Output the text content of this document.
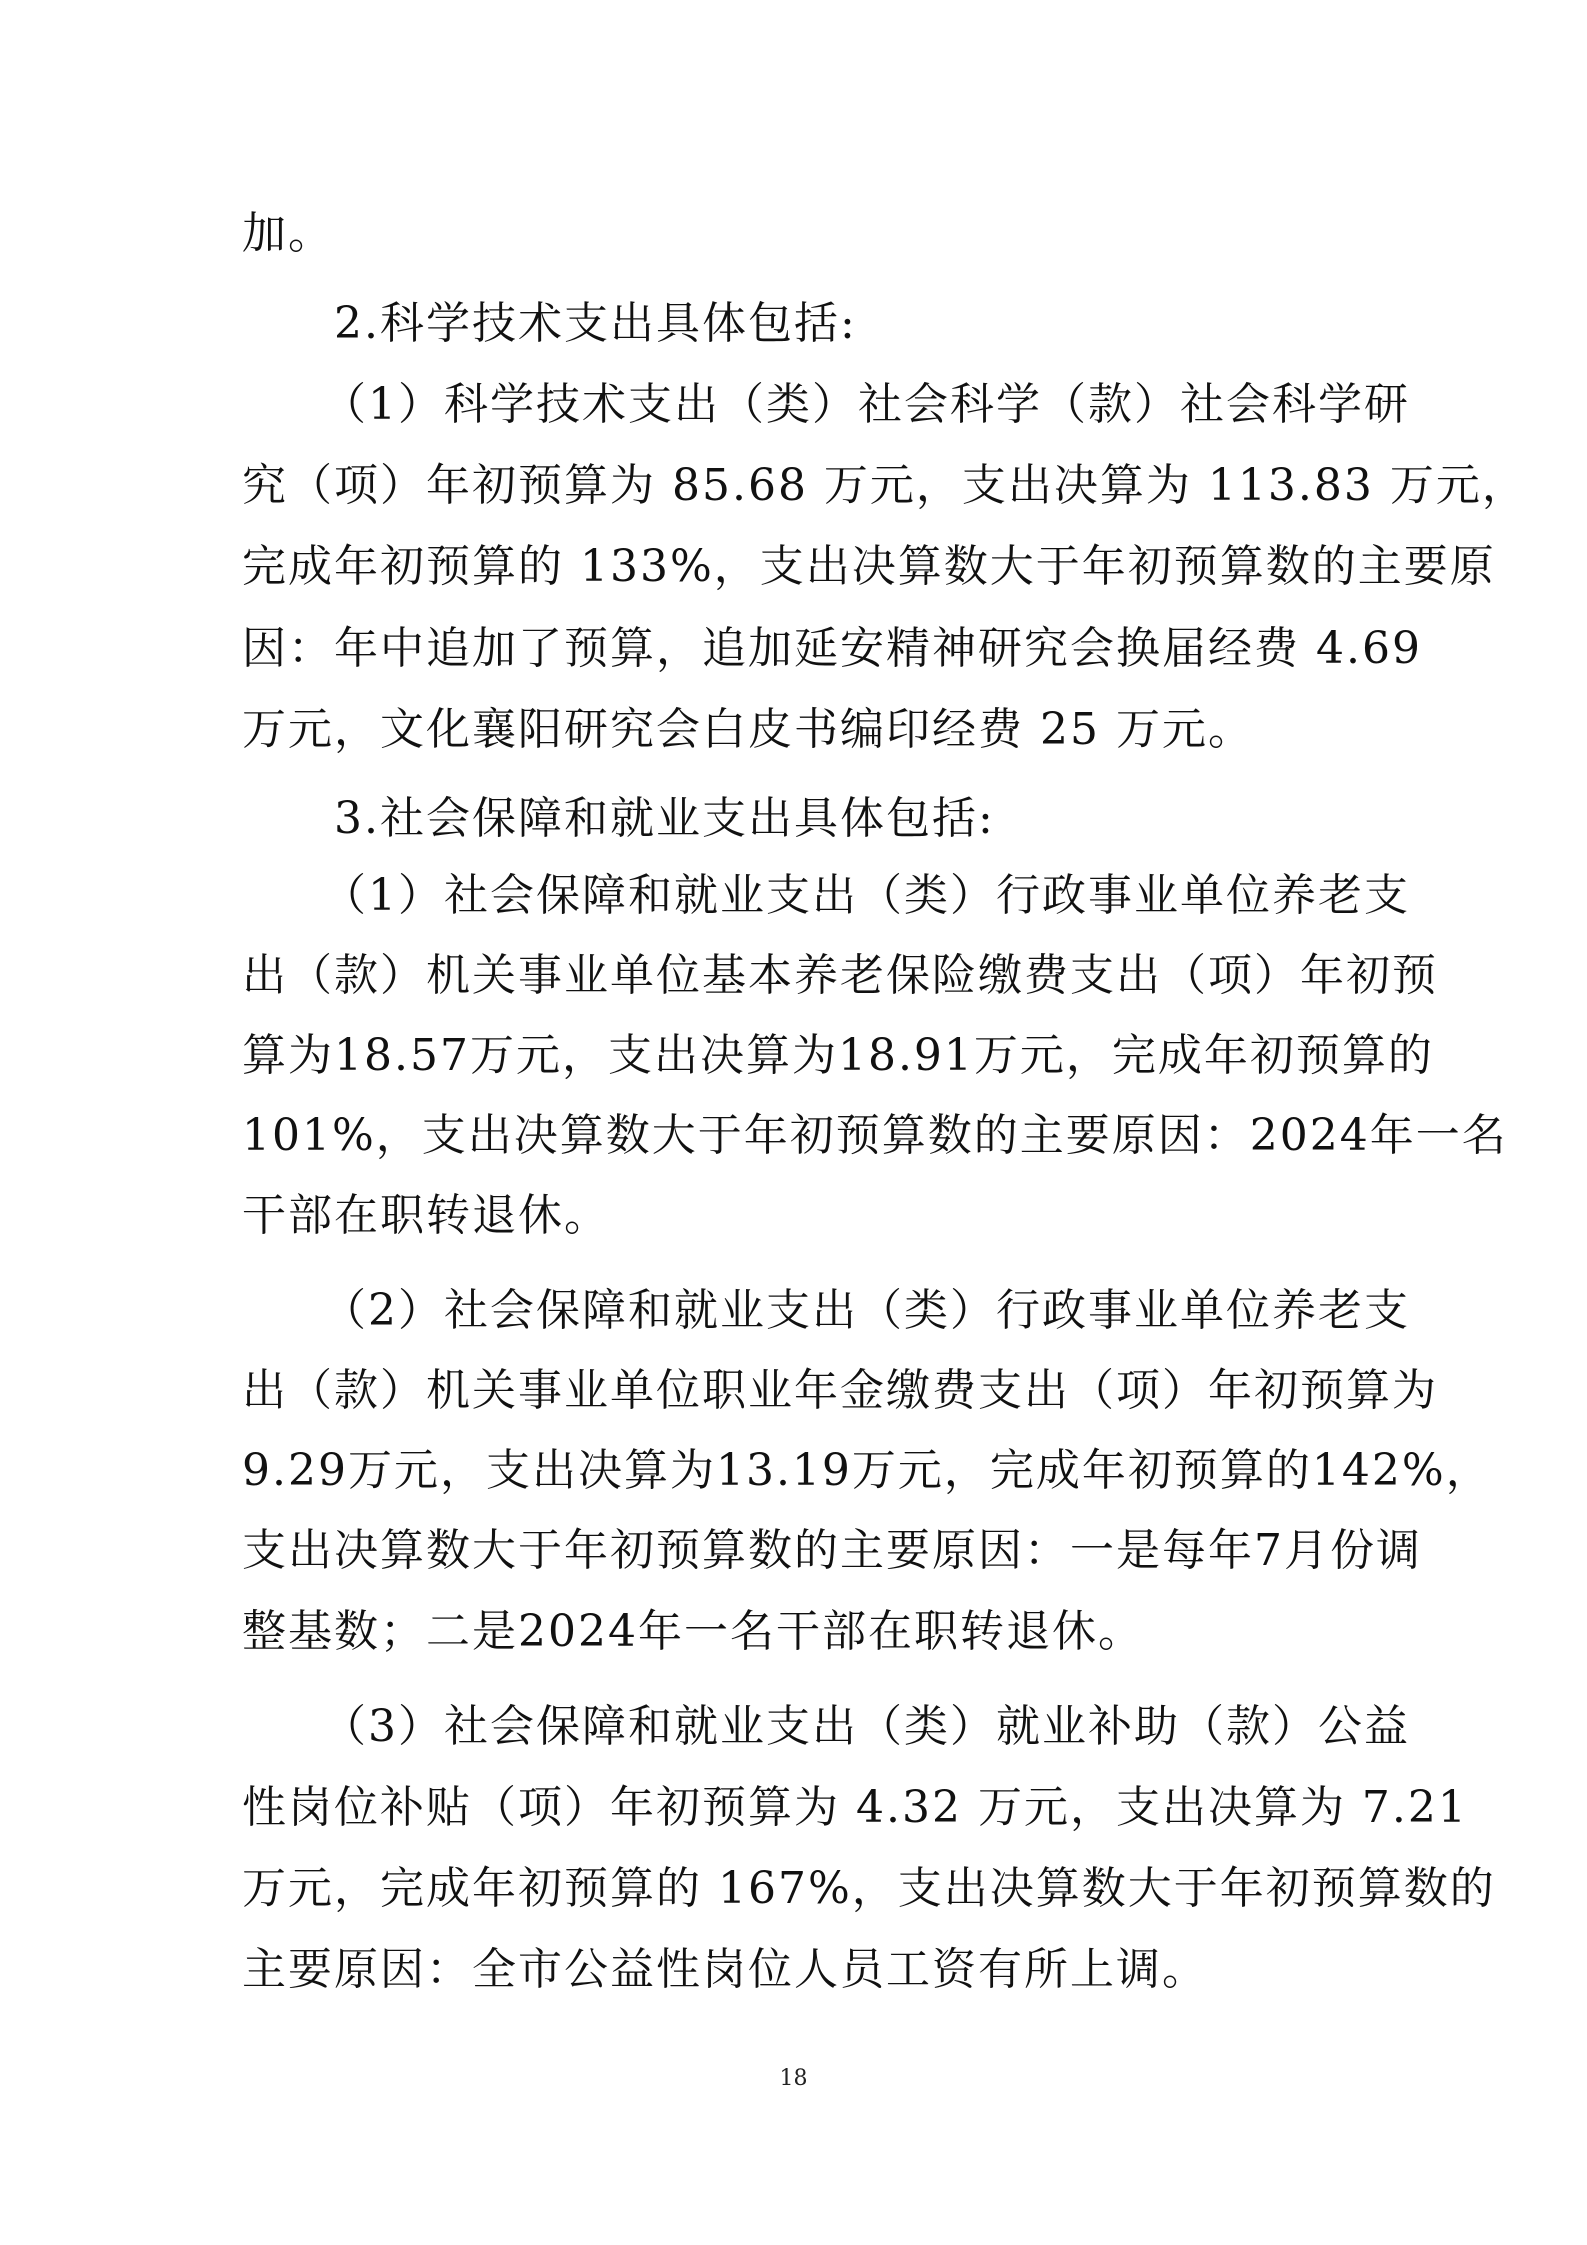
加。
2.科学技术支出具体包括:
（1）科学技术支出（类）社会科学（款）社会科学研
究（项）年初预算为 85.68 万元，支出决算为 113.83 万元，
完成年初预算的 133%，支出决算数大于年初预算数的主要原
因：年中追加了预算，追加延安精神研究会换届经费 4.69
万元，文化襄阳研究会白皮书编印经费 25 万元。
3.社会保障和就业支出具体包括:
（1）社会保障和就业支出（类）行政事业单位养老支
出（款）机关事业单位基本养老保险缴费支出（项）年初预
算为18.57万元，支出决算为18.91万元，完成年初预算的
101%，支出决算数大于年初预算数的主要原因：2024年一名
干部在职转退休。
（2）社会保障和就业支出（类）行政事业单位养老支
出（款）机关事业单位职业年金缴费支出（项）年初预算为
9.29万元，支出决算为13.19万元，完成年初预算的142%，
支出决算数大于年初预算数的主要原因：一是每年7月份调
整基数；二是2024年一名干部在职转退休。
（3）社会保障和就业支出（类）就业补助（款）公益
性岗位补贴（项）年初预算为 4.32 万元，支出决算为 7.21
万元，完成年初预算的 167%，支出决算数大于年初预算数的
主要原因：全市公益性岗位人员工资有所上调。
18
